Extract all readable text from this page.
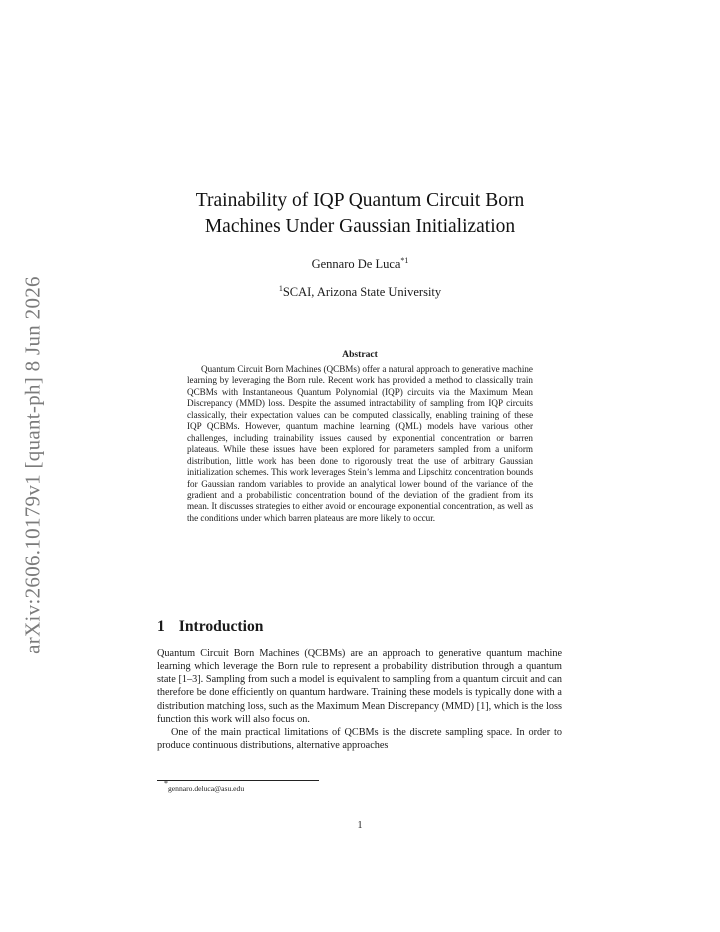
arXiv:2606.10179v1 [quant-ph] 8 Jun 2026
Trainability of IQP Quantum Circuit Born
Machines Under Gaussian Initialization
Gennaro De Luca$^{*1}$
$^1$SCAI, Arizona State University
Abstract

Quantum Circuit Born Machines (QCBMs) offer a natural approach to generative machine learning by leveraging the Born rule. Recent work has provided a method to classically train QCBMs with Instantaneous Quantum Polynomial (IQP) circuits via the Maximum Mean Discrepancy (MMD) loss. Despite the assumed intractability of sampling from IQP circuits classically, their expectation values can be computed classically, enabling training of these IQP QCBMs. However, quantum machine learning (QML) models have various other challenges, including trainability issues caused by exponential concentration or barren plateaus. While these issues have been explored for parameters sampled from a uniform distribution, little work has been done to rigorously treat the use of arbitrary Gaussian initialization schemes. This work leverages Stein’s lemma and Lipschitz concentration bounds for Gaussian random variables to provide an analytical lower bound of the variance of the gradient and a probabilistic concentration bound of the deviation of the gradient from its mean. It discusses strategies to either avoid or encourage exponential concentration, as well as the conditions under which barren plateaus are more likely to occur.

1 Introduction

Quantum Circuit Born Machines (QCBMs) are an approach to generative quantum machine learning which leverage the Born rule to represent a probability distribution through a quantum state [1–3]. Sampling from such a model is equivalent to sampling from a quantum circuit and can therefore be done efficiently on quantum hardware. Training these models is typically done with a distribution matching loss, such as the Maximum Mean Discrepancy (MMD) [1], which is the loss function this work will also focus on.

One of the main practical limitations of QCBMs is the discrete sampling space. In order to produce continuous distributions, alternative approaches

*gennaro.deluca@asu.edu
1
